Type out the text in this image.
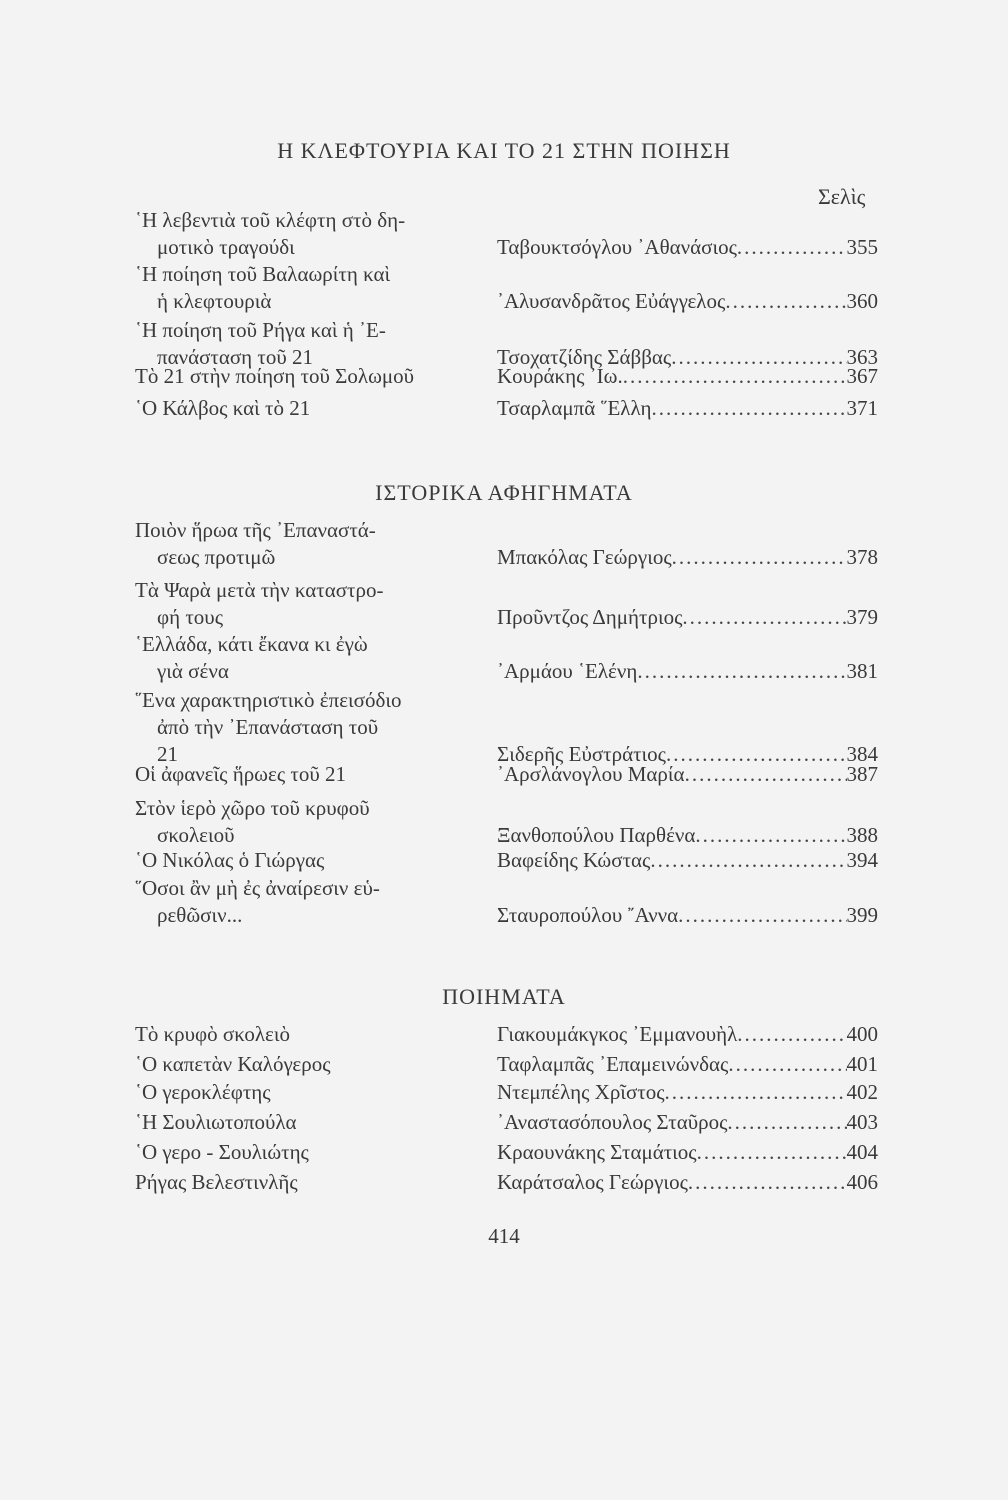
Η ΚΛΕΦΤΟΥΡΙΑ ΚΑΙ ΤΟ 21 ΣΤΗΝ ΠΟΙΗΣΗ
Σελὶς
῾Η λεβεντιὰ τοῦ κλέφτη στὸ δη-
μοτικὸ τραγούδι	Ταβουκτσόγλου ᾿Αθανάσιος .....	355
῾Η ποίηση τοῦ Βαλαωρίτη καὶ
ἡ κλεφτουριὰ	᾿Αλυσανδρᾶτος Εὐάγγελος .....	360
῾Η ποίηση τοῦ Ρήγα καὶ ἡ ᾿Ε-
πανάσταση τοῦ 21	Τσοχατζίδης Σάββας .....	363
Τὸ 21 στὴν ποίηση τοῦ Σολωμοῦ	Κουράκης ᾿Ιω. .....	367
῾Ο Κάλβος καὶ τὸ 21	Τσαρλαμπᾶ ῞Ελλη .....	371
ΙΣΤΟΡΙΚΑ ΑΦΗΓΗΜΑΤΑ
Ποιὸν ἥρωα τῆς ᾿Επαναστά-
σεως προτιμῶ	Μπακόλας Γεώργιος .....	378
Τὰ Ψαρὰ μετὰ τὴν καταστρο-
φή τους	Προῦντζος Δημήτριος .....	379
῾Ελλάδα, κάτι ἔκανα κι ἐγὼ
γιὰ σένα	᾿Αρμάου ῾Ελένη .....	381
῞Ενα χαρακτηριστικὸ ἐπεισόδιο
ἀπὸ τὴν ᾿Επανάσταση τοῦ
21	Σιδερῆς Εὐστράτιος .....	384
Οἱ ἀφανεῖς ἥρωες τοῦ 21	᾿Αρσλάνογλου Μαρία .....	387
Στὸν ἱερὸ χῶρο τοῦ κρυφοῦ
σκολειοῦ	Ξανθοπούλου Παρθένα .....	388
῾Ο Νικόλας ὁ Γιώργας	Βαφείδης Κώστας .....	394
῞Οσοι ἂν μὴ ἐς ἀναίρεσιν εὑ-
ρεθῶσιν...	Σταυροπούλου ῎Αννα .....	399
ΠΟΙΗΜΑΤΑ
Τὸ κρυφὸ σκολειὸ	Γιακουμάκγκος ᾿Εμμανουὴλ .....	400
῾Ο καπετὰν Καλόγερος	Ταφλαμπᾶς ᾿Επαμεινώνδας .....	401
῾Ο γεροκλέφτης	Ντεμπέλης Χρῖστος .....	402
῾Η Σουλιωτοπούλα	᾿Αναστασόπουλος Σταῦρος .....	403
῾Ο γερο - Σουλιώτης	Κραουνάκης Σταμάτιος .....	404
Ρήγας Βελεστινλῆς	Καράτσαλος Γεώργιος .....	406
414
